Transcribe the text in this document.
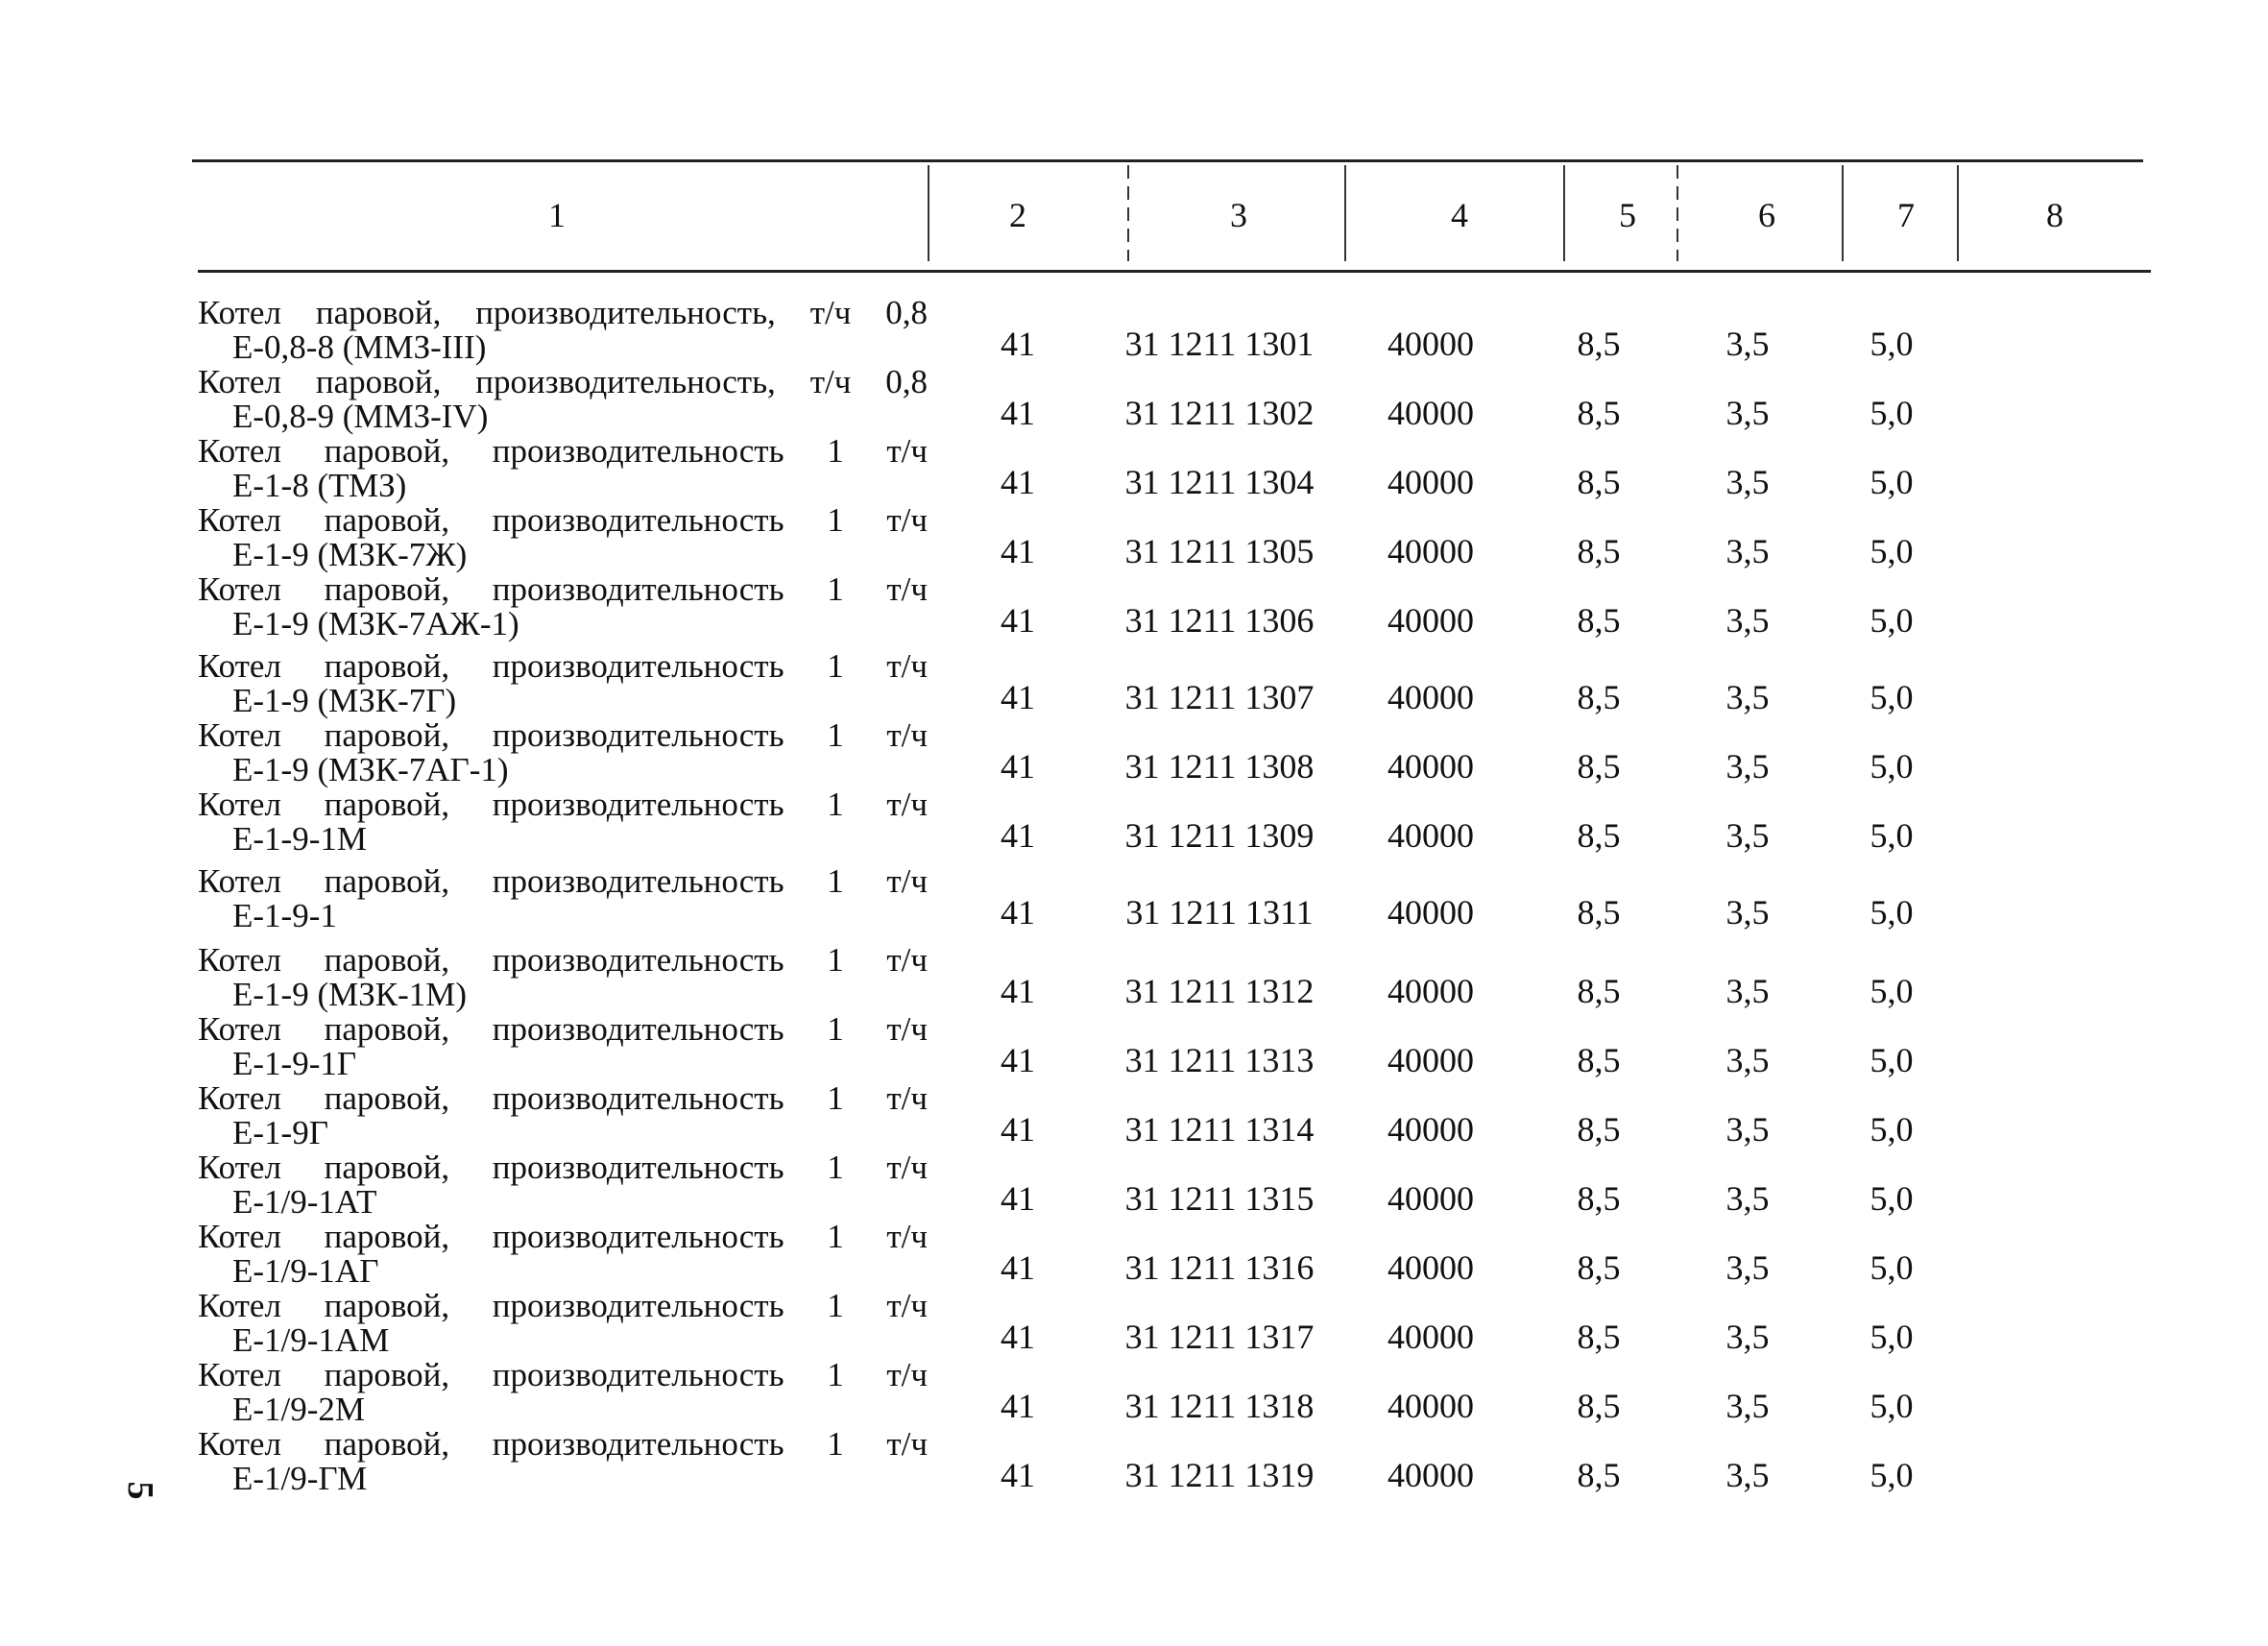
1	2	3	4	5	6	7	8
Котел паровой, производительность, т/ч 0,8
Е-0,8-8 (ММЗ-III)	41	31 1211 1301	40000	8,5	3,5	5,0
Котел паровой, производительность, т/ч 0,8
Е-0,8-9 (ММЗ-IV)	41	31 1211 1302	40000	8,5	3,5	5,0
Котел паровой, производительность 1 т/ч
Е-1-8 (ТМЗ)	41	31 1211 1304	40000	8,5	3,5	5,0
Котел паровой, производительность 1 т/ч
Е-1-9 (МЗК-7Ж)	41	31 1211 1305	40000	8,5	3,5	5,0
Котел паровой, производительность 1 т/ч
Е-1-9 (МЗК-7АЖ-1)	41	31 1211 1306	40000	8,5	3,5	5,0
Котел паровой, производительность 1 т/ч
Е-1-9 (МЗК-7Г)	41	31 1211 1307	40000	8,5	3,5	5,0
Котел паровой, производительность 1 т/ч
Е-1-9 (МЗК-7АГ-1)	41	31 1211 1308	40000	8,5	3,5	5,0
Котел паровой, производительность 1 т/ч
Е-1-9-1М	41	31 1211 1309	40000	8,5	3,5	5,0
Котел паровой, производительность 1 т/ч
Е-1-9-1	41	31 1211 1311	40000	8,5	3,5	5,0
Котел паровой, производительность 1 т/ч
Е-1-9 (МЗК-1М)	41	31 1211 1312	40000	8,5	3,5	5,0
Котел паровой, производительность 1 т/ч
Е-1-9-1Г	41	31 1211 1313	40000	8,5	3,5	5,0
Котел паровой, производительность 1 т/ч
Е-1-9Г	41	31 1211 1314	40000	8,5	3,5	5,0
Котел паровой, производительность 1 т/ч
Е-1/9-1АТ	41	31 1211 1315	40000	8,5	3,5	5,0
Котел паровой, производительность 1 т/ч
Е-1/9-1АГ	41	31 1211 1316	40000	8,5	3,5	5,0
Котел паровой, производительность 1 т/ч
Е-1/9-1АМ	41	31 1211 1317	40000	8,5	3,5	5,0
Котел паровой, производительность 1 т/ч
Е-1/9-2М	41	31 1211 1318	40000	8,5	3,5	5,0
Котел паровой, производительность 1 т/ч
Е-1/9-ГМ	41	31 1211 1319	40000	8,5	3,5	5,0
5
